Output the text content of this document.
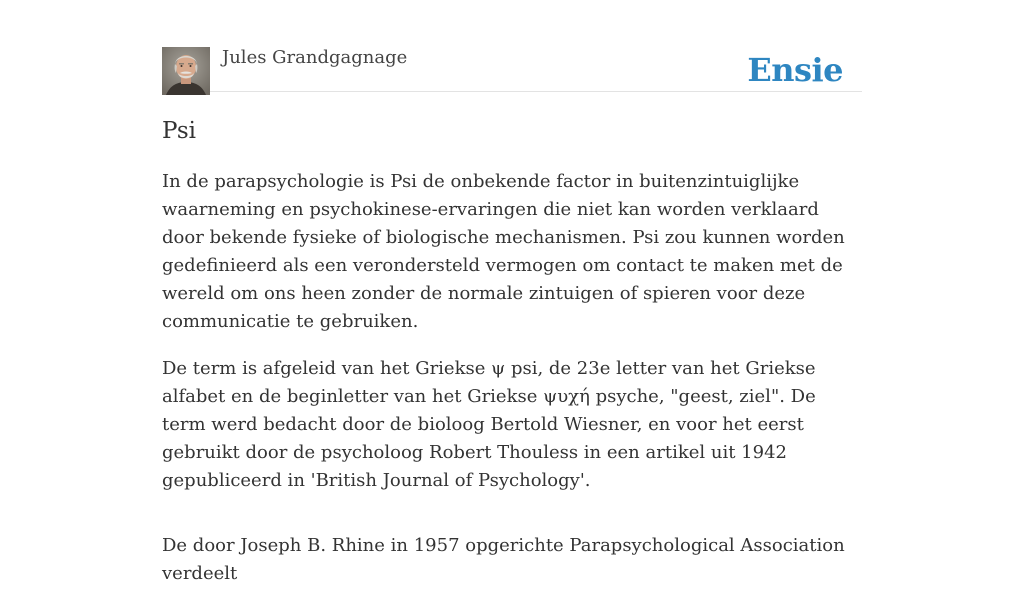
Jules Grandgagnage	Ensie
Psi

In de parapsychologie is Psi de onbekende factor in buitenzintuiglijke waarneming en psychokinese-ervaringen die niet kan worden verklaard door bekende fysieke of biologische mechanismen. Psi zou kunnen worden gedefinieerd als een verondersteld vermogen om contact te maken met de wereld om ons heen zonder de normale zintuigen of spieren voor deze communicatie te gebruiken.

De term is afgeleid van het Griekse ψ psi, de 23e letter van het Griekse alfabet en de beginletter van het Griekse ψυχή psyche, "geest, ziel". De term werd bedacht door de bioloog Bertold Wiesner, en voor het eerst gebruikt door de psycholoog Robert Thouless in een artikel uit 1942 gepubliceerd in 'British Journal of Psychology'.

De door Joseph B. Rhine in 1957 opgerichte Parapsychological Association verdeelt
